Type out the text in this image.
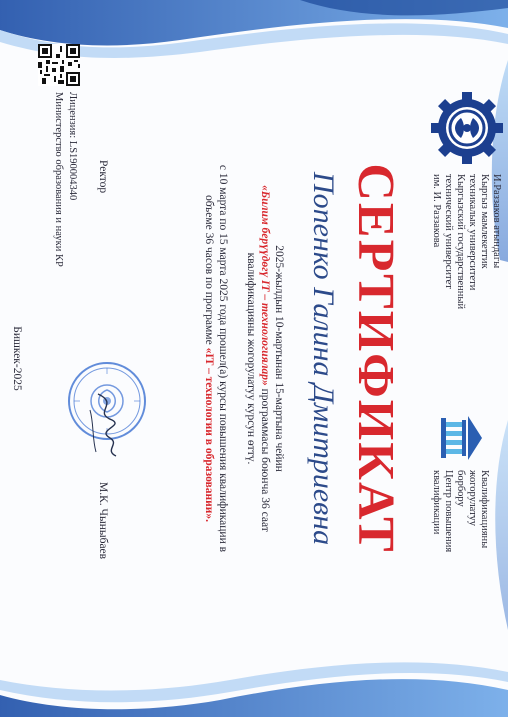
И.Раззаков атындагы
Кыргыз мамлекеттик
техникалык университети
Кыргызский государственный
технический университет
им. И. Раззакова
Квалификацияны
жогорулатуу
борбору
Центр повышения
квалификации
СЕРТИФИКАТ
Попенко Галина Дмитриевна
2025-жылдын 10-мартынан 15-мартына чейин
«Билим берүүдөгү IT – технологиялар» программасы боюнча 36 саат
квалификацияны жогорулатуу курсун өттү.
с 10 марта по 15 марта 2025 года прошел(а) курсы повышения квалификации в
объеме 36 часов по программе «IT – технологии в образовании».
Ректор
М.К. Чыныбаев
Лицензия: LS190004340
Министерство образования и науки КР
Бишкек-2025
